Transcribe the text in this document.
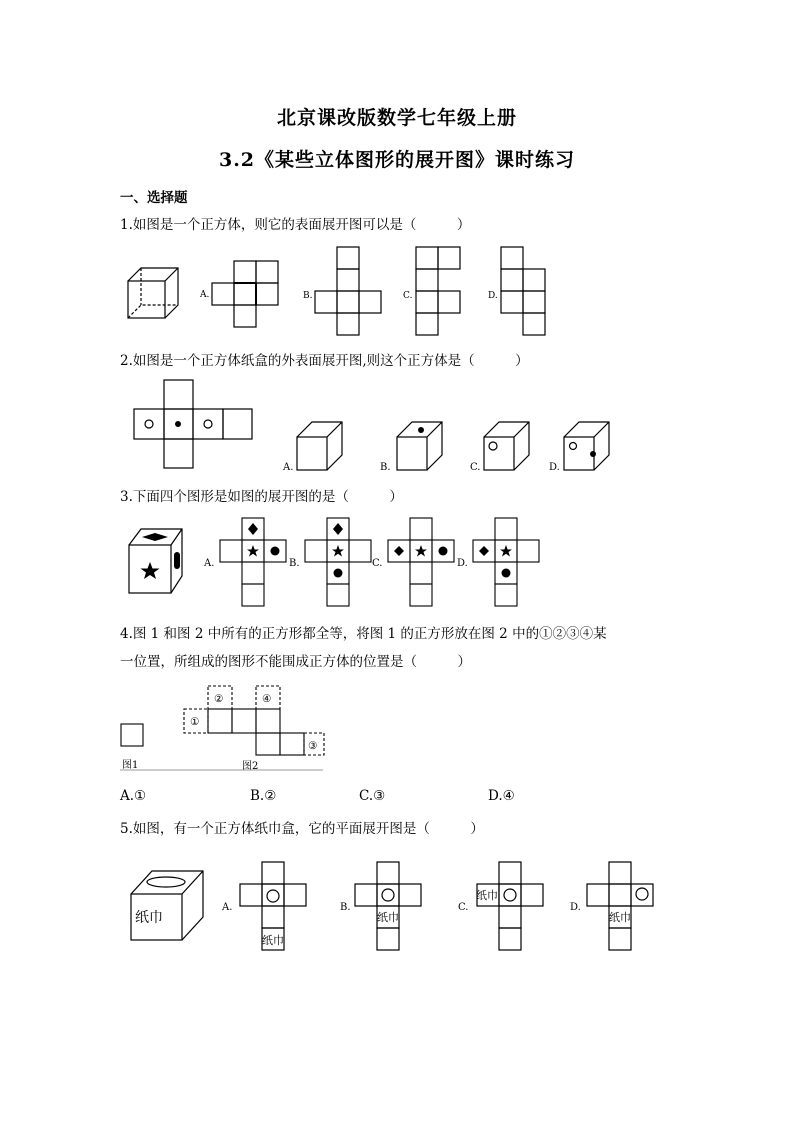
北京课改版数学七年级上册
3.2《某些立体图形的展开图》课时练习
一、选择题
1.如图是一个正方体，则它的表面展开图可以是（　　　）
A.	B.	C.	D.
2.如图是一个正方体纸盒的外表面展开图,则这个正方体是（　　　）
A.	B.	C.	D.
3.下面四个图形是如图的展开图的是（　　　）
A.	B.	C.	D.
4.图 1 和图 2 中所有的正方形都全等，将图 1 的正方形放在图 2 中的①②③④某
一位置，所组成的图形不能围成正方体的位置是（　　　）
①
②
③
④
图1	图2
A.①	B.②	C.③	D.④
5.如图，有一个正方体纸巾盒，它的平面展开图是（　　　）
纸巾
纸巾
纸巾
纸巾
纸巾
A.	B.	C.	D.
